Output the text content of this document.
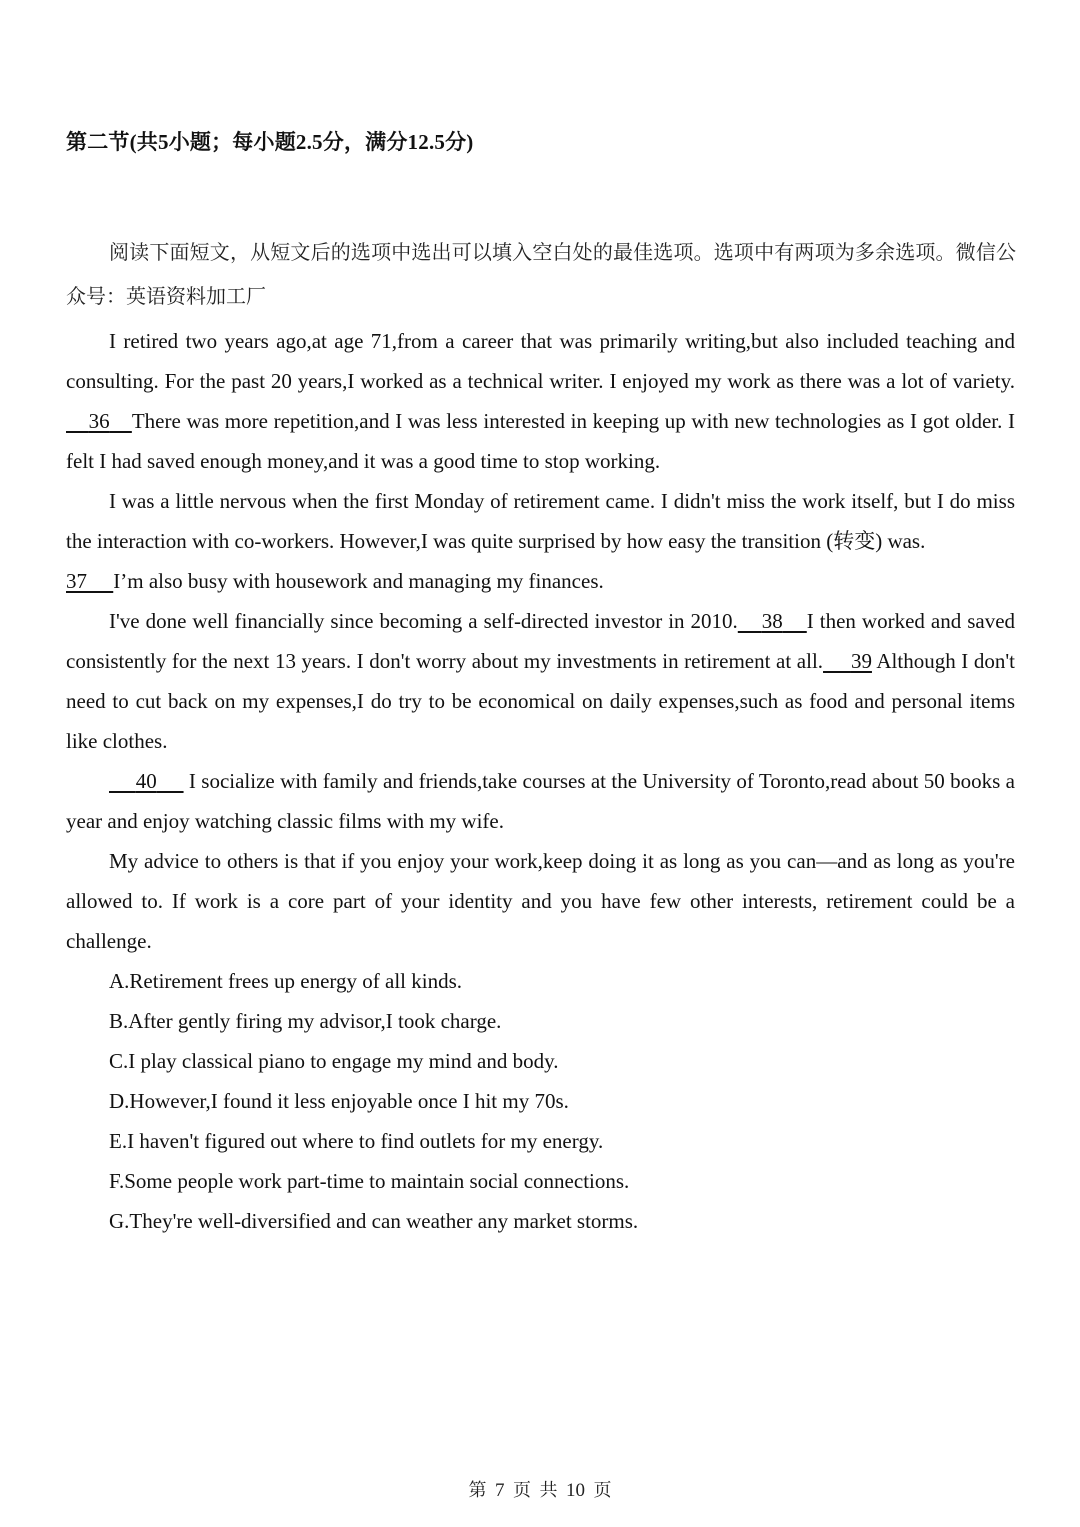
第二节(共5小题；每小题2.5分，满分12.5分)

阅读下面短文，从短文后的选项中选出可以填入空白处的最佳选项。选项中有两项为多余选项。微信公众号：英语资料加工厂

I retired two years ago,at age 71,from a career that was primarily writing,but also included teaching and consulting. For the past 20 years,I worked as a technical writer. I enjoyed my work as there was a lot of variety.    36 There was more repetition,and I was less interested in keeping up with new technologies as I got older. I felt I had saved enough money,and it was a good time to stop working.

I was a little nervous when the first Monday of retirement came. I didn't miss the work itself, but I do miss the interaction with co-workers. However,I was quite surprised by how easy the transition (转变) was.

37 I’m also busy with housework and managing my finances.

I've done well financially since becoming a self-directed investor in 2010. 38 I then worked and saved consistently for the next 13 years. I don't worry about my investments in retirement at all. 39 Although I don't need to cut back on my expenses,I do try to be economical on daily expenses,such as food and personal items like clothes.

40 I socialize with family and friends,take courses at the University of Toronto,read about 50 books a year and enjoy watching classic films with my wife.

My advice to others is that if you enjoy your work,keep doing it as long as you can—and as long as you're allowed to. If work is a core part of your identity and you have few other interests, retirement could be a challenge.

A.Retirement frees up energy of all kinds.

B.After gently firing my advisor,I took charge.

C.I play classical piano to engage my mind and body.

D.However,I found it less enjoyable once I hit my 70s.

E.I haven't figured out where to find outlets for my energy.

F.Some people work part-time to maintain social connections.

G.They're well-diversified and can weather any market storms.

第 7 页 共 10 页
